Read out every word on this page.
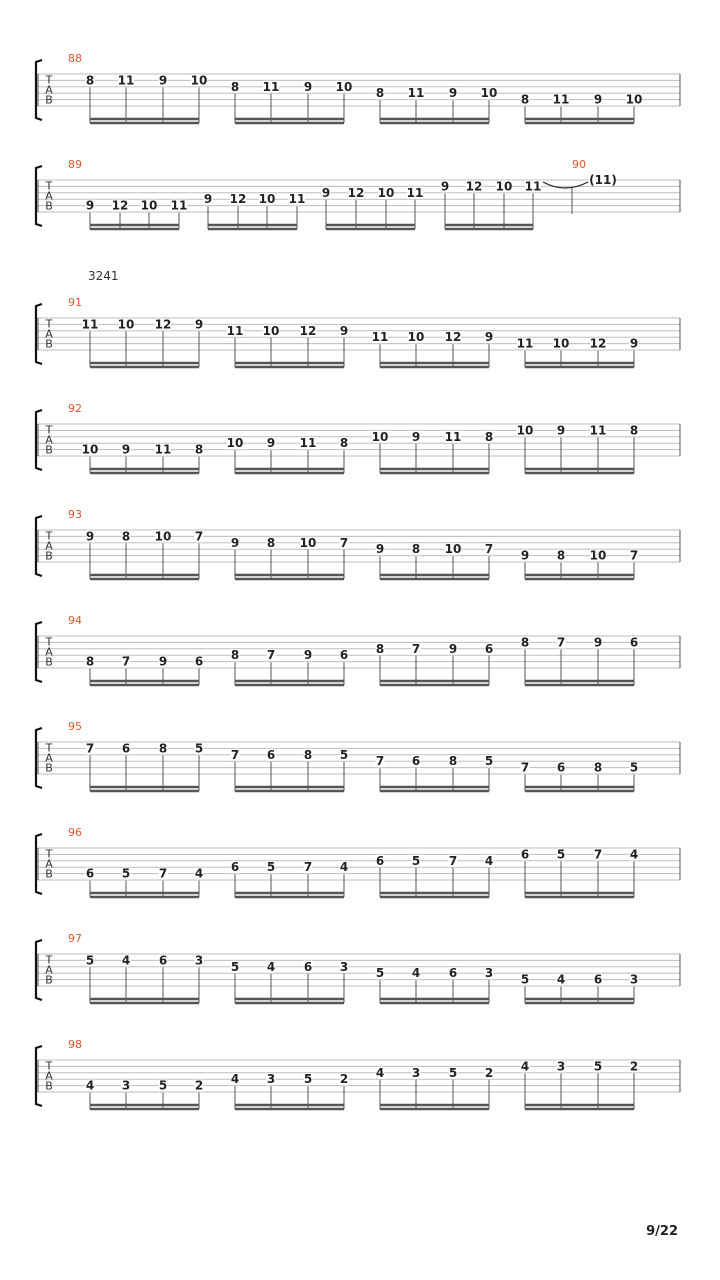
3241
9/22
T
A
B
88
8 11 9 10 8 11 9 10 8 11 9 10 8 11 9 10
T
A
B
89
9 12 10 11 9 12 10 11 9 12 10 11 9 12 10 11
90
(11)
T
A
B
91
11 10 12 9 11 10 12 9 11 10 12 9 11 10 12 9
T
A
B
92
10 9 11 8 10 9 11 8 10 9 11 8 10 9 11 8
T
A
B
93
9 8 10 7 9 8 10 7 9 8 10 7 9 8 10 7
T
A
B
94
8 7 9 6 8 7 9 6 8 7 9 6 8 7 9 6
T
A
B
95
7 6 8 5 7 6 8 5 7 6 8 5 7 6 8 5
T
A
B
96
6 5 7 4 6 5 7 4 6 5 7 4 6 5 7 4
T
A
B
97
5 4 6 3 5 4 6 3 5 4 6 3 5 4 6 3
T
A
B
98
4 3 5 2 4 3 5 2 4 3 5 2 4 3 5 2
